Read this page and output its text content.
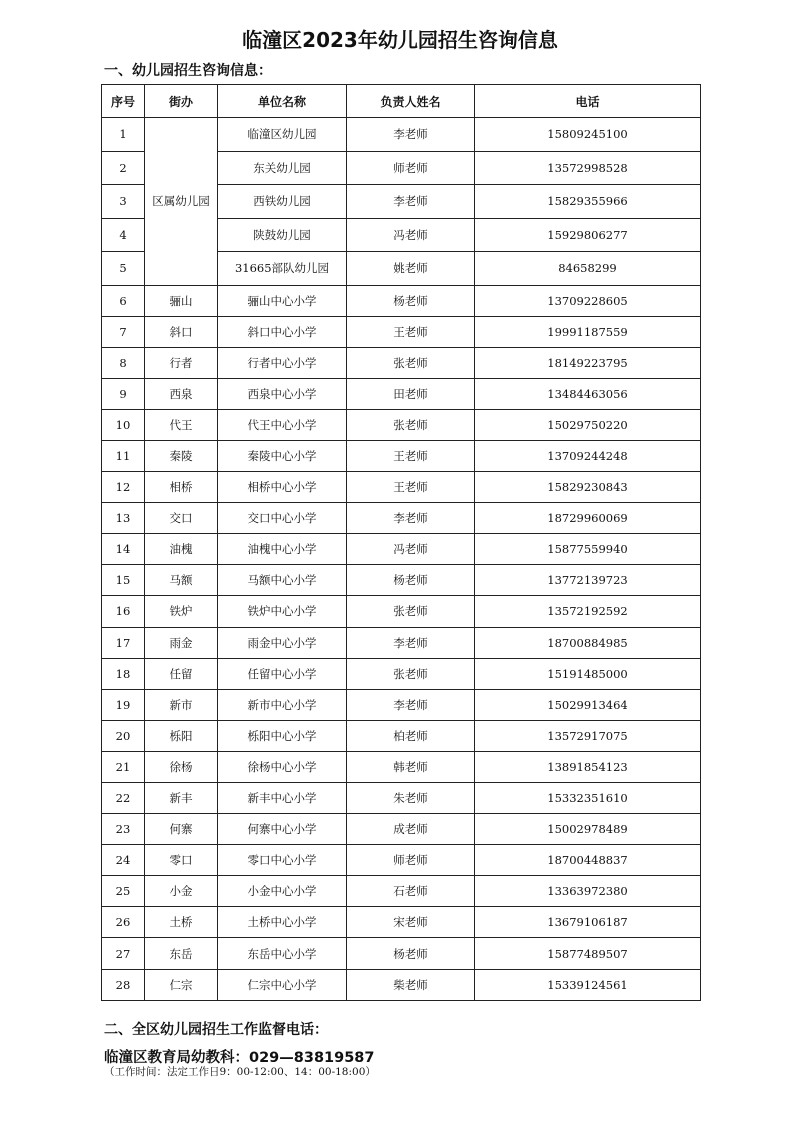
临潼区2023年幼儿园招生咨询信息
一、幼儿园招生咨询信息：
序号	街办	单位名称	负责人姓名	电话
1	区属幼儿园	临潼区幼儿园	李老师	15809245100
2		东关幼儿园	师老师	13572998528
3		西铁幼儿园	李老师	15829355966
4		陕鼓幼儿园	冯老师	15929806277
5		31665部队幼儿园	姚老师	84658299
6	骊山	骊山中心小学	杨老师	13709228605
7	斜口	斜口中心小学	王老师	19991187559
8	行者	行者中心小学	张老师	18149223795
9	西泉	西泉中心小学	田老师	13484463056
10	代王	代王中心小学	张老师	15029750220
11	秦陵	秦陵中心小学	王老师	13709244248
12	相桥	相桥中心小学	王老师	15829230843
13	交口	交口中心小学	李老师	18729960069
14	油槐	油槐中心小学	冯老师	15877559940
15	马额	马额中心小学	杨老师	13772139723
16	铁炉	铁炉中心小学	张老师	13572192592
17	雨金	雨金中心小学	李老师	18700884985
18	任留	任留中心小学	张老师	15191485000
19	新市	新市中心小学	李老师	15029913464
20	栎阳	栎阳中心小学	柏老师	13572917075
21	徐杨	徐杨中心小学	韩老师	13891854123
22	新丰	新丰中心小学	朱老师	15332351610
23	何寨	何寨中心小学	成老师	15002978489
24	零口	零口中心小学	师老师	18700448837
25	小金	小金中心小学	石老师	13363972380
26	土桥	土桥中心小学	宋老师	13679106187
27	东岳	东岳中心小学	杨老师	15877489507
28	仁宗	仁宗中心小学	柴老师	15339124561
二、全区幼儿园招生工作监督电话：
临潼区教育局幼教科：029—83819587
（工作时间：法定工作日9：00-12:00、14：00-18:00）
